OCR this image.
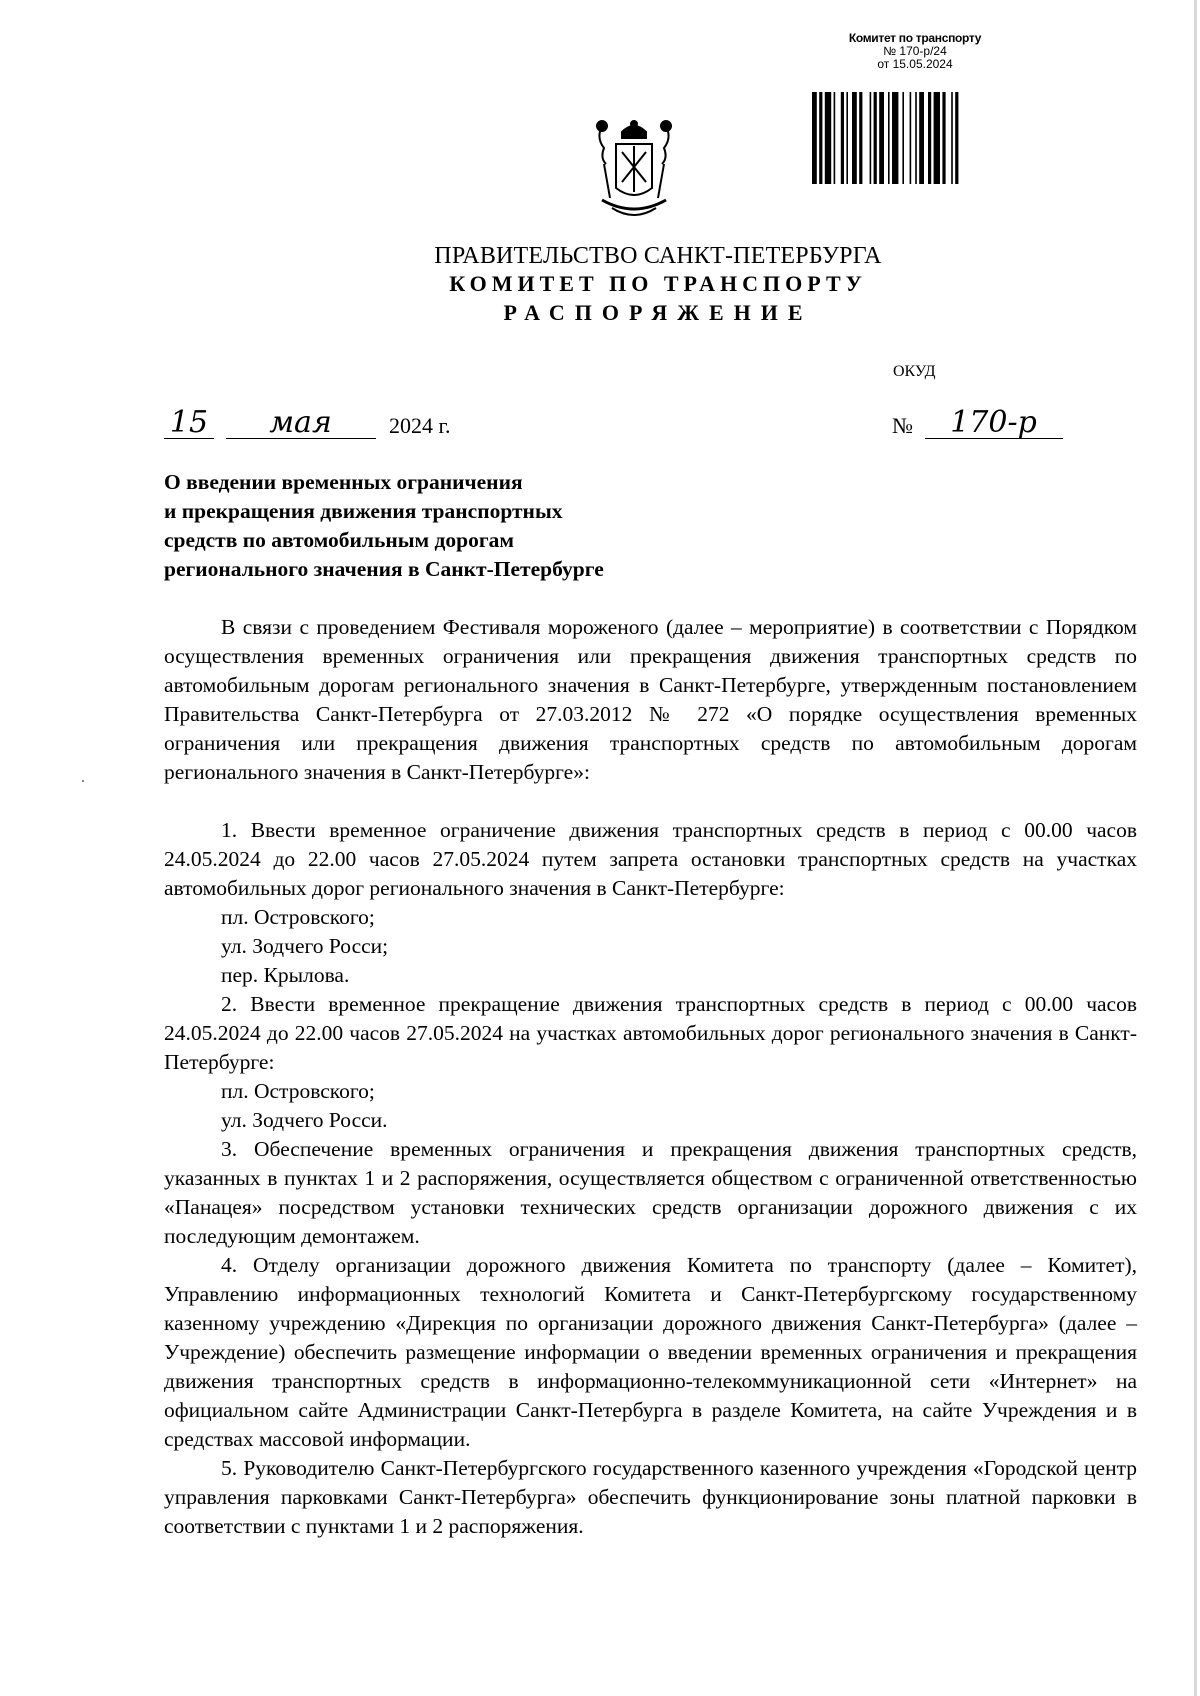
Комитет по транспорту
№ 170-р/24
от 15.05.2024
ПРАВИТЕЛЬСТВО САНКТ-ПЕТЕРБУРГА
КОМИТЕТ ПО ТРАНСПОРТУ
РАСПОРЯЖЕНИЕ
ОКУД
15 мая	2024 г.	№ 170-р
О введении временных ограничения
и прекращения движения транспортных
средств по автомобильным дорогам
регионального значения в Санкт-Петербурге

В связи с проведением Фестиваля мороженого (далее – мероприятие) в соответствии с Порядком осуществления временных ограничения или прекращения движения транспортных средств по автомобильным дорогам регионального значения в Санкт-Петербурге, утвержденным постановлением Правительства Санкт-Петербурга от 27.03.2012 № 272 «О порядке осуществления временных ограничения или прекращения движения транспортных средств по автомобильным дорогам регионального значения в Санкт-Петербурге»:

1. Ввести временное ограничение движения транспортных средств в период с 00.00 часов 24.05.2024 до 22.00 часов 27.05.2024 путем запрета остановки транспортных средств на участках автомобильных дорог регионального значения в Санкт-Петербурге:

пл. Островского;

ул. Зодчего Росси;

пер. Крылова.

2. Ввести временное прекращение движения транспортных средств в период с 00.00 часов 24.05.2024 до 22.00 часов 27.05.2024 на участках автомобильных дорог регионального значения в Санкт-Петербурге:

пл. Островского;

ул. Зодчего Росси.

3. Обеспечение временных ограничения и прекращения движения транспортных средств, указанных в пунктах 1 и 2 распоряжения, осуществляется обществом с ограниченной ответственностью «Панацея» посредством установки технических средств организации дорожного движения с их последующим демонтажем.

4. Отделу организации дорожного движения Комитета по транспорту (далее – Комитет), Управлению информационных технологий Комитета и Санкт-Петербургскому государственному казенному учреждению «Дирекция по организации дорожного движения Санкт-Петербурга» (далее – Учреждение) обеспечить размещение информации о введении временных ограничения и прекращения движения транспортных средств в информационно-телекоммуникационной сети «Интернет» на официальном сайте Администрации Санкт-Петербурга в разделе Комитета, на сайте Учреждения и в средствах массовой информации.

5. Руководителю Санкт-Петербургского государственного казенного учреждения «Городской центр управления парковками Санкт-Петербурга» обеспечить функционирование зоны платной парковки в соответствии с пунктами 1 и 2 распоряжения.
